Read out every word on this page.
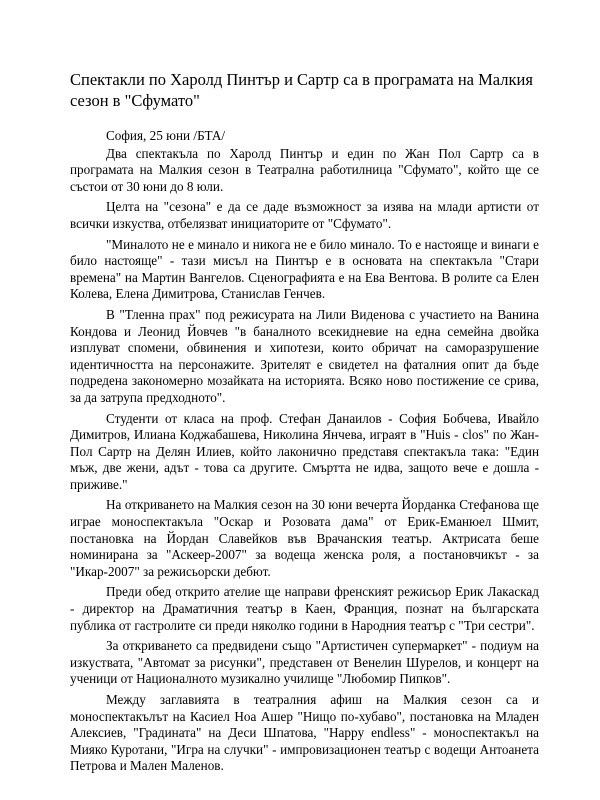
Спектакли по Харолд Пинтър и Сартр са в програмата на Малкия сезон в "Сфумато"

София, 25 юни /БТА/

Два спектакъла по Харолд Пинтър и един по Жан Пол Сартр са в програмата на Малкия сезон в Театрална работилница "Сфумато", който ще се състои от 30 юни до 8 юли.

Целта на "сезона" е да се даде възможност за изява на млади артисти от всички изкуства, отбелязват инициаторите от "Сфумато".

"Миналото не е минало и никога не е било минало. То е настояще и винаги е било настояще" - тази мисъл на Пинтър е в основата на спектакъла "Стари времена" на Мартин Вангелов. Сценографията е на Ева Вентова. В ролите са Елен Колева, Елена Димитрова, Станислав Генчев.

В "Тленна прах" под режисурата на Лили Виденова с участието на Ванина Кондова и Леонид Йовчев "в баналното всекидневие на една семейна двойка изплуват спомени, обвинения и хипотези, които обричат на саморазрушение идентичността на персонажите. Зрителят е свидетел на фаталния опит да бъде подредена закономерно мозайката на историята. Всяко ново постижение се срива, за да затрупа предходното".

Студенти от класа на проф. Стефан Данаилов - София Бобчева, Ивайло Димитров, Илиана Коджабашева, Николина Янчева, играят в "Huis - clos" по Жан-Пол Сартр на Делян Илиев, който лаконично представя спектакъла така: "Един мъж, две жени, адът - това са другите. Смъртта не идва, защото вече е дошла - приживе."

На откриването на Малкия сезон на 30 юни вечерта Йорданка Стефанова ще играе моноспектакъла "Оскар и Розовата дама" от Ерик-Еманюел Шмит, постановка на Йордан Славейков във Врачанския театър. Актрисата беше номинирана за "Аскеер-2007" за водеща женска роля, а постановчикът - за "Икар-2007" за режисьорски дебют.

Преди обед открито ателие ще направи френският режисьор Ерик Лакаскад - директор на Драматичния театър в Каен, Франция, познат на българската публика от гастролите си преди няколко години в Народния театър с "Три сестри".

За откриването са предвидени също "Артистичен супермаркет" - подиум на изкуствата, "Автомат за рисунки", представен от Венелин Шурелов, и концерт на ученици от Националното музикално училище "Любомир Пипков".

Между заглавията в театралния афиш на Малкия сезон са и моноспектакълът на Касиел Ноа Ашер "Нищо по-хубаво", постановка на Младен Алексиев, "Градината" на Деси Шпатова, "Happy endless" - моноспектакъл на Мияко Куротани, "Игра на случки" - импровизационен театър с водещи Антоанета Петрова и Мален Маленов.
